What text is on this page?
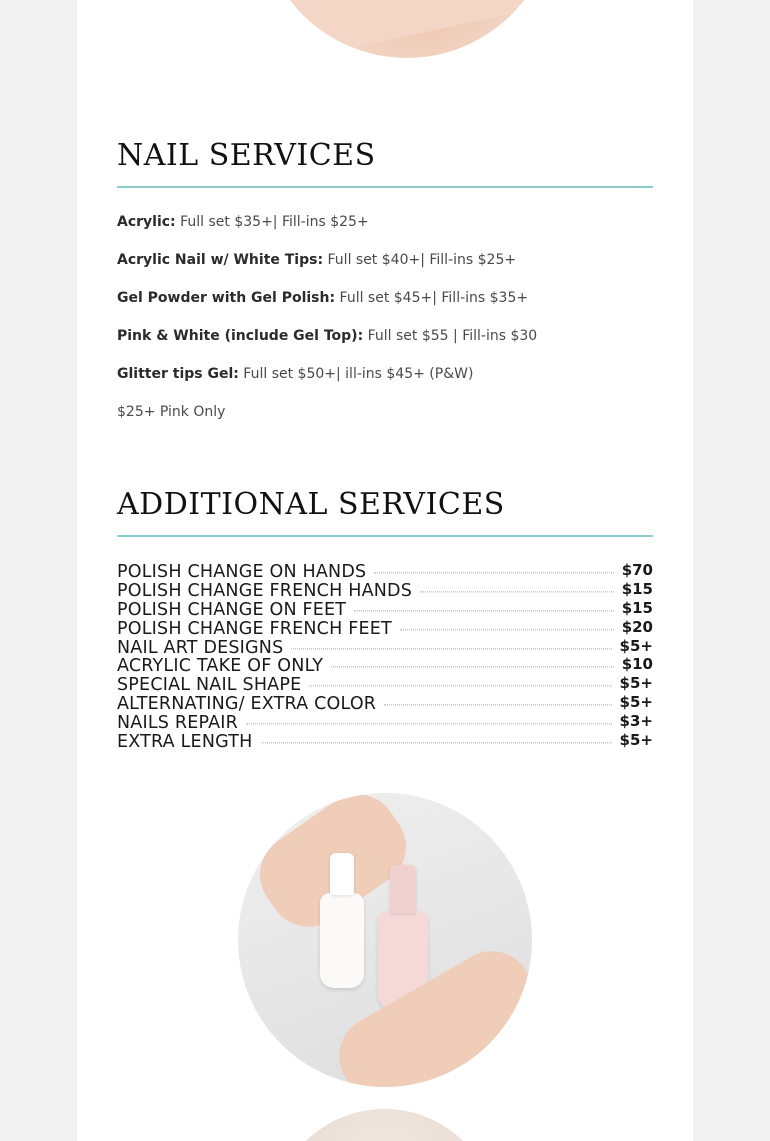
NAIL SERVICES
Acrylic: Full set $35+| Fill-ins $25+
Acrylic Nail w/ White Tips: Full set $40+| Fill-ins $25+
Gel Powder with Gel Polish: Full set $45+| Fill-ins $35+
Pink & White (include Gel Top): Full set $55 | Fill-ins $30
Glitter tips Gel: Full set $50+| ill-ins $45+ (P&W)
$25+ Pink Only
ADDITIONAL SERVICES
POLISH CHANGE ON HANDS	$70
POLISH CHANGE FRENCH HANDS	$15
POLISH CHANGE ON FEET	$15
POLISH CHANGE FRENCH FEET	$20
NAIL ART DESIGNS	$5+
ACRYLIC TAKE OF ONLY	$10
SPECIAL NAIL SHAPE	$5+
ALTERNATING/ EXTRA COLOR	$5+
NAILS REPAIR	$3+
EXTRA LENGTH	$5+
